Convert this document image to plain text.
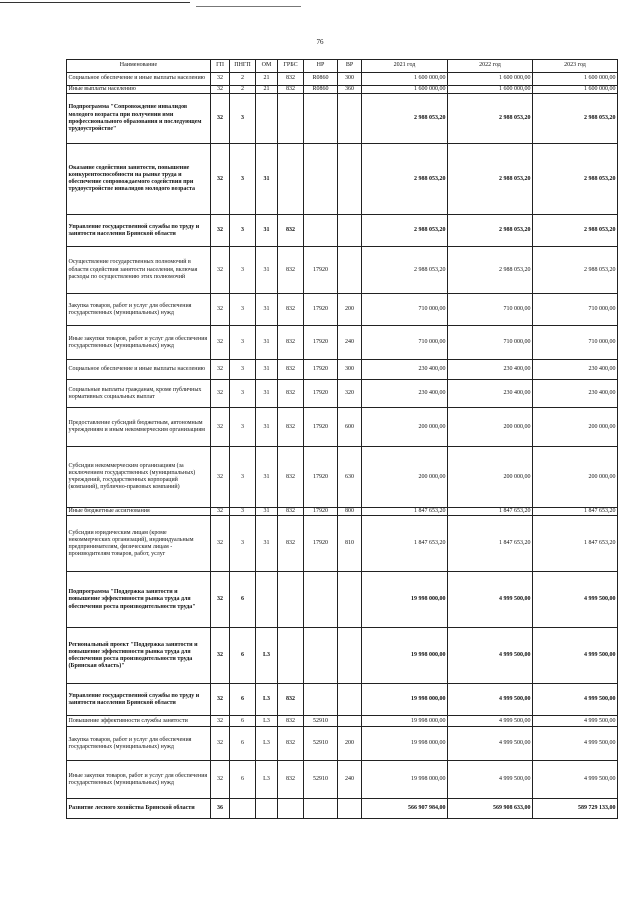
76
Наименование	ГП	ПНГП	ОМ	ГРБС	НР	ВР	2021 год	2022 год	2023 год
Социальное обеспечение и иные выплаты населению	32	2	21	832	R0860	300	1 600 000,00	1 600 000,00	1 600 000,00
Иные выплаты населению	32	2	21	832	R0860	360	1 600 000,00	1 600 000,00	1 600 000,00
Подпрограмма "Сопровождение инвалидов молодого возраста при получении ими профессионального образования и последующем трудоустройстве"	32	3					2 988 053,20	2 988 053,20	2 988 053,20
Оказание содействия занятости, повышение конкурентоспособности на рынке труда и обеспечение сопровождаемого содействия при трудоустройстве инвалидов молодого возраста	32	3	31				2 988 053,20	2 988 053,20	2 988 053,20
Управление государственной службы по труду и занятости населения Брянской области	32	3	31	832			2 988 053,20	2 988 053,20	2 988 053,20
Осуществление государственных полномочий в области содействия занятости населения, включая расходы по осуществлению этих полномочий	32	3	31	832	17920		2 988 053,20	2 988 053,20	2 988 053,20
Закупка товаров, работ и услуг для обеспечения государственных (муниципальных) нужд	32	3	31	832	17920	200	710 000,00	710 000,00	710 000,00
Иные закупки товаров, работ и услуг для обеспечения государственных (муниципальных) нужд	32	3	31	832	17920	240	710 000,00	710 000,00	710 000,00
Социальное обеспечение и иные выплаты населению	32	3	31	832	17920	300	230 400,00	230 400,00	230 400,00
Социальные выплаты гражданам, кроме публичных нормативных социальных выплат	32	3	31	832	17920	320	230 400,00	230 400,00	230 400,00
Предоставление субсидий бюджетным, автономным учреждениям и иным некоммерческим организациям	32	3	31	832	17920	600	200 000,00	200 000,00	200 000,00
Субсидии некоммерческим организациям (за исключением государственных (муниципальных) учреждений, государственных корпораций (компаний), публично-правовых компаний)	32	3	31	832	17920	630	200 000,00	200 000,00	200 000,00
Иные бюджетные ассигнования	32	3	31	832	17920	800	1 847 653,20	1 847 653,20	1 847 653,20
Субсидии юридическим лицам (кроме некоммерческих организаций), индивидуальным предпринимателям, физическим лицам - производителям товаров, работ, услуг	32	3	31	832	17920	810	1 847 653,20	1 847 653,20	1 847 653,20
Подпрограмма "Поддержка занятости и повышение эффективности рынка труда для обеспечения роста производительности труда"	32	6					19 998 000,00	4 999 500,00	4 999 500,00
Региональный проект "Поддержка занятости и повышение эффективности рынка труда для обеспечения роста производительности труда (Брянская область)"	32	6	L3				19 998 000,00	4 999 500,00	4 999 500,00
Управление государственной службы по труду и занятости населения Брянской области	32	6	L3	832			19 998 000,00	4 999 500,00	4 999 500,00
Повышение эффективности службы занятости	32	6	L3	832	52910		19 998 000,00	4 999 500,00	4 999 500,00
Закупка товаров, работ и услуг для обеспечения государственных (муниципальных) нужд	32	6	L3	832	52910	200	19 998 000,00	4 999 500,00	4 999 500,00
Иные закупки товаров, работ и услуг для обеспечения государственных (муниципальных) нужд	32	6	L3	832	52910	240	19 998 000,00	4 999 500,00	4 999 500,00
Развитие лесного хозяйства Брянской области	36						566 907 984,00	569 908 633,00	589 729 133,00
